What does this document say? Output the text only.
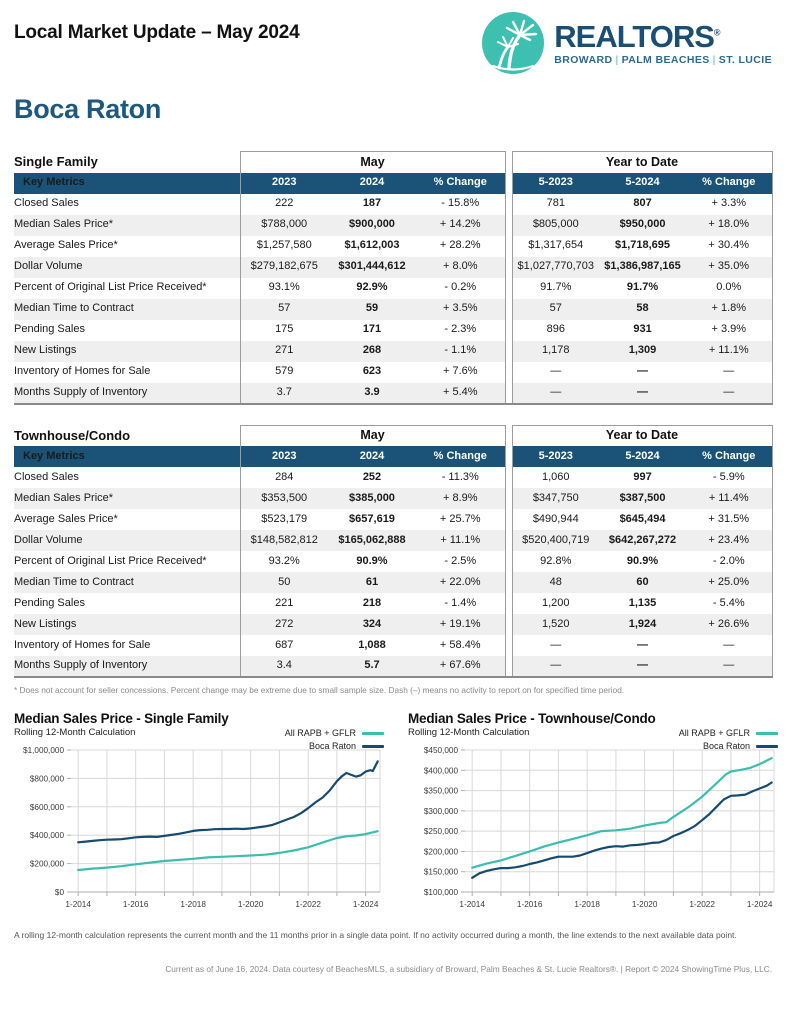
Local Market Update – May 2024	REALTORS®
BROWARD | PALM BEACHES | ST. LUCIE
Boca Raton
Single Family	May				Year to Date		
Key Metrics	2023	2024	% Change		5-2023	5-2024	% Change
Closed Sales	222	187	- 15.8%		781	807	+ 3.3%
Median Sales Price*	$788,000	$900,000	+ 14.2%		$805,000	$950,000	+ 18.0%
Average Sales Price*	$1,257,580	$1,612,003	+ 28.2%		$1,317,654	$1,718,695	+ 30.4%
Dollar Volume	$279,182,675	$301,444,612	+ 8.0%		$1,027,770,703	$1,386,987,165	+ 35.0%
Percent of Original List Price Received*	93.1%	92.9%	- 0.2%		91.7%	91.7%	0.0%
Median Time to Contract	57	59	+ 3.5%		57	58	+ 1.8%
Pending Sales	175	171	- 2.3%		896	931	+ 3.9%
New Listings	271	268	- 1.1%		1,178	1,309	+ 11.1%
Inventory of Homes for Sale	579	623	+ 7.6%		—	—	—
Months Supply of Inventory	3.7	3.9	+ 5.4%		—	—	—
Townhouse/Condo	May				Year to Date		
Key Metrics	2023	2024	% Change		5-2023	5-2024	% Change
Closed Sales	284	252	- 11.3%		1,060	997	- 5.9%
Median Sales Price*	$353,500	$385,000	+ 8.9%		$347,750	$387,500	+ 11.4%
Average Sales Price*	$523,179	$657,619	+ 25.7%		$490,944	$645,494	+ 31.5%
Dollar Volume	$148,582,812	$165,062,888	+ 11.1%		$520,400,719	$642,267,272	+ 23.4%
Percent of Original List Price Received*	93.2%	90.9%	- 2.5%		92.8%	90.9%	- 2.0%
Median Time to Contract	50	61	+ 22.0%		48	60	+ 25.0%
Pending Sales	221	218	- 1.4%		1,200	1,135	- 5.4%
New Listings	272	324	+ 19.1%		1,520	1,924	+ 26.6%
Inventory of Homes for Sale	687	1,088	+ 58.4%		—	—	—
Months Supply of Inventory	3.4	5.7	+ 67.6%		—	—	—
* Does not account for seller concessions. Percent change may be extreme due to small sample size. Dash (–) means no activity to report on for specified time period.
Median Sales Price - Single Family
Rolling 12-Month Calculation	All RAPB + GFLR
Boca Raton
$0
$200,000
$400,000
$600,000
$800,000
$1,000,000
1-2014	1-2016	1-2018	1-2020	1-2022	1-2024
Median Sales Price - Townhouse/Condo
Rolling 12-Month Calculation	All RAPB + GFLR
Boca Raton
$100,000
$150,000
$200,000
$250,000
$300,000
$350,000
$400,000
$450,000
1-2014	1-2016	1-2018	1-2020	1-2022	1-2024
A rolling 12-month calculation represents the current month and the 11 months prior in a single data point. If no activity occurred during a month, the line extends to the next available data point.
Current as of June 16, 2024. Data courtesy of BeachesMLS, a subsidiary of Broward, Palm Beaches & St. Lucie Realtors®. | Report © 2024 ShowingTime Plus, LLC.
